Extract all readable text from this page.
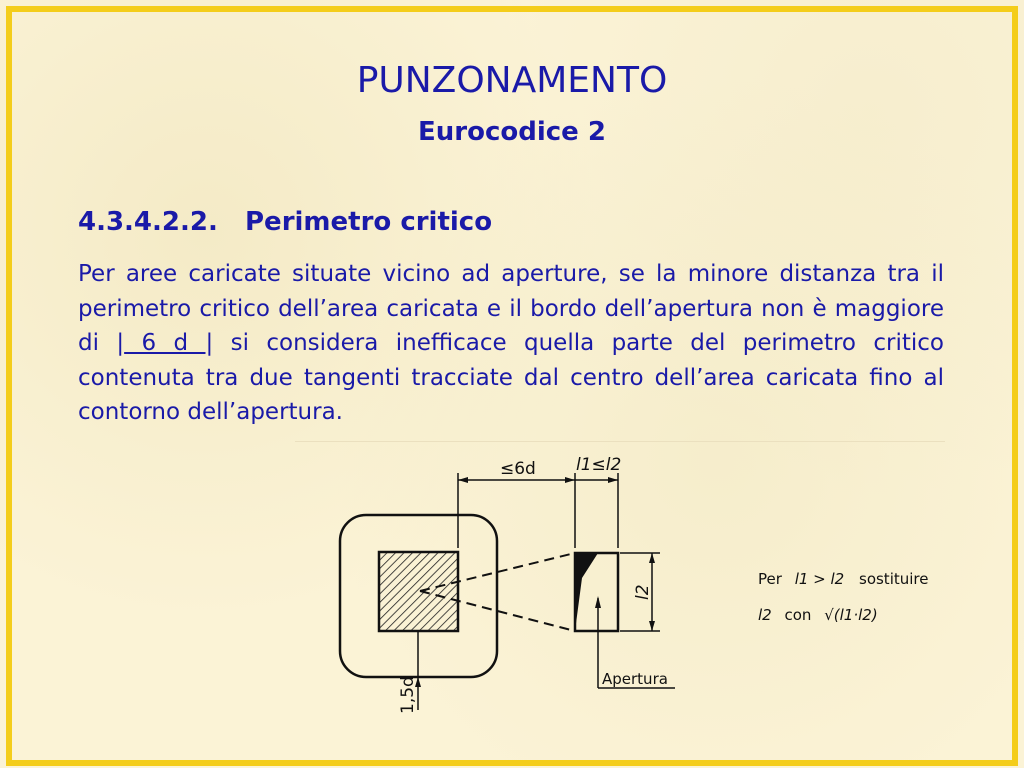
PUNZONAMENTO
Eurocodice 2
4.3.4.2.2. Perimetro critico
Per aree caricate situate vicino ad aperture, se la minore distanza tra il perimetro critico dell’area caricata e il bordo dell’apertura non è maggiore di | 6 d | si considera inefficace quella parte del perimetro critico contenuta tra due tangenti tracciate dal centro dell’area caricata fino al contorno dell’apertura.
≤6d l1≤l2
l2
1,5d	Apertura
Per l1 > l2 sostituire
l2 con √(l1·l2)
